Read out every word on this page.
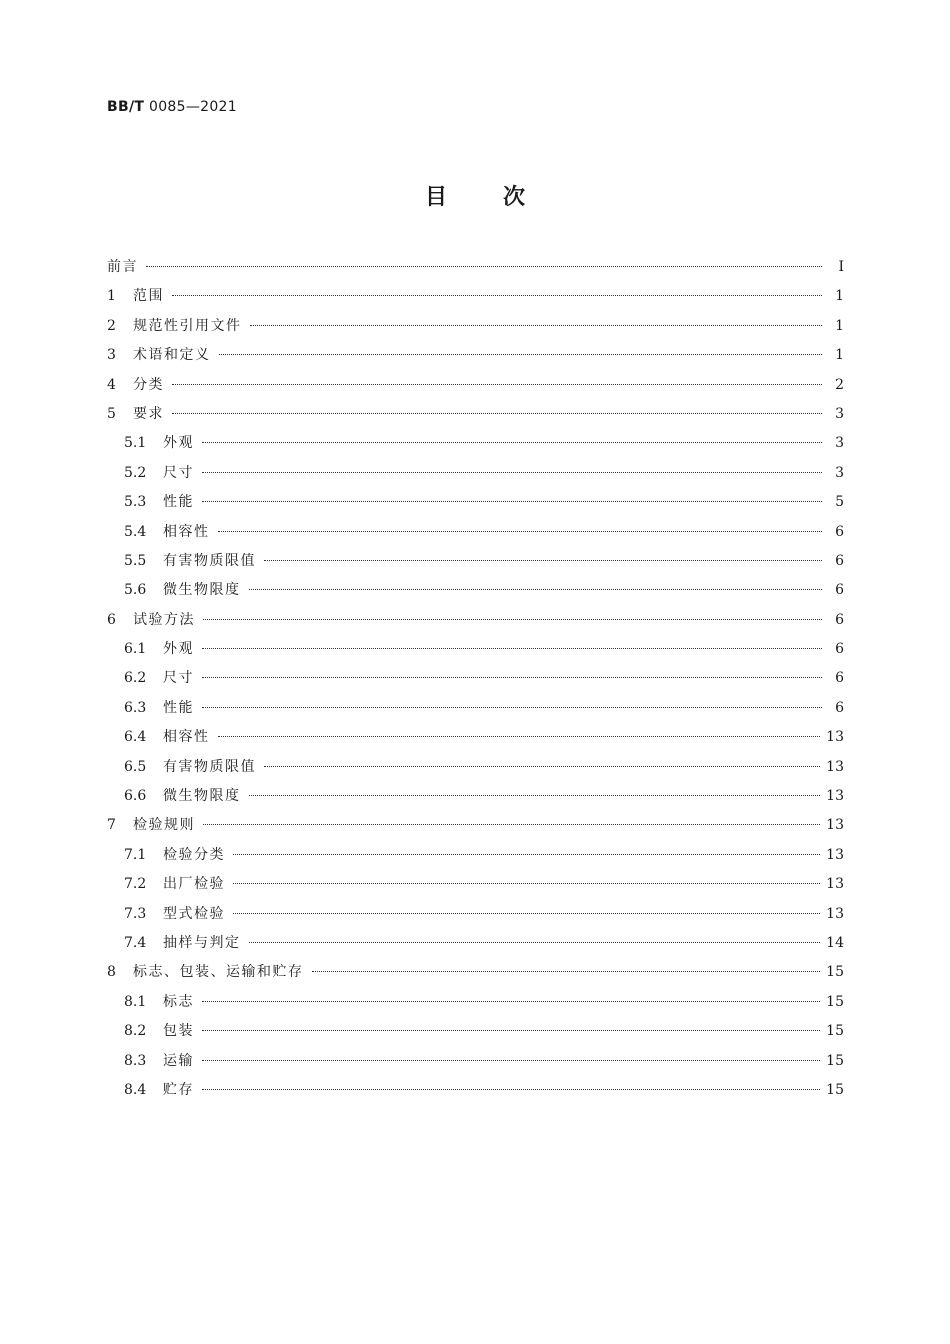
BB/T 0085—2021
目	次
前言	Ⅰ
1	范围	1
2	规范性引用文件	1
3	术语和定义	1
4	分类	2
5	要求	3
5.1	外观	3
5.2	尺寸	3
5.3	性能	5
5.4	相容性	6
5.5	有害物质限值	6
5.6	微生物限度	6
6	试验方法	6
6.1	外观	6
6.2	尺寸	6
6.3	性能	6
6.4	相容性	13
6.5	有害物质限值	13
6.6	微生物限度	13
7	检验规则	13
7.1	检验分类	13
7.2	出厂检验	13
7.3	型式检验	13
7.4	抽样与判定	14
8	标志、包装、运输和贮存	15
8.1	标志	15
8.2	包装	15
8.3	运输	15
8.4	贮存	15
